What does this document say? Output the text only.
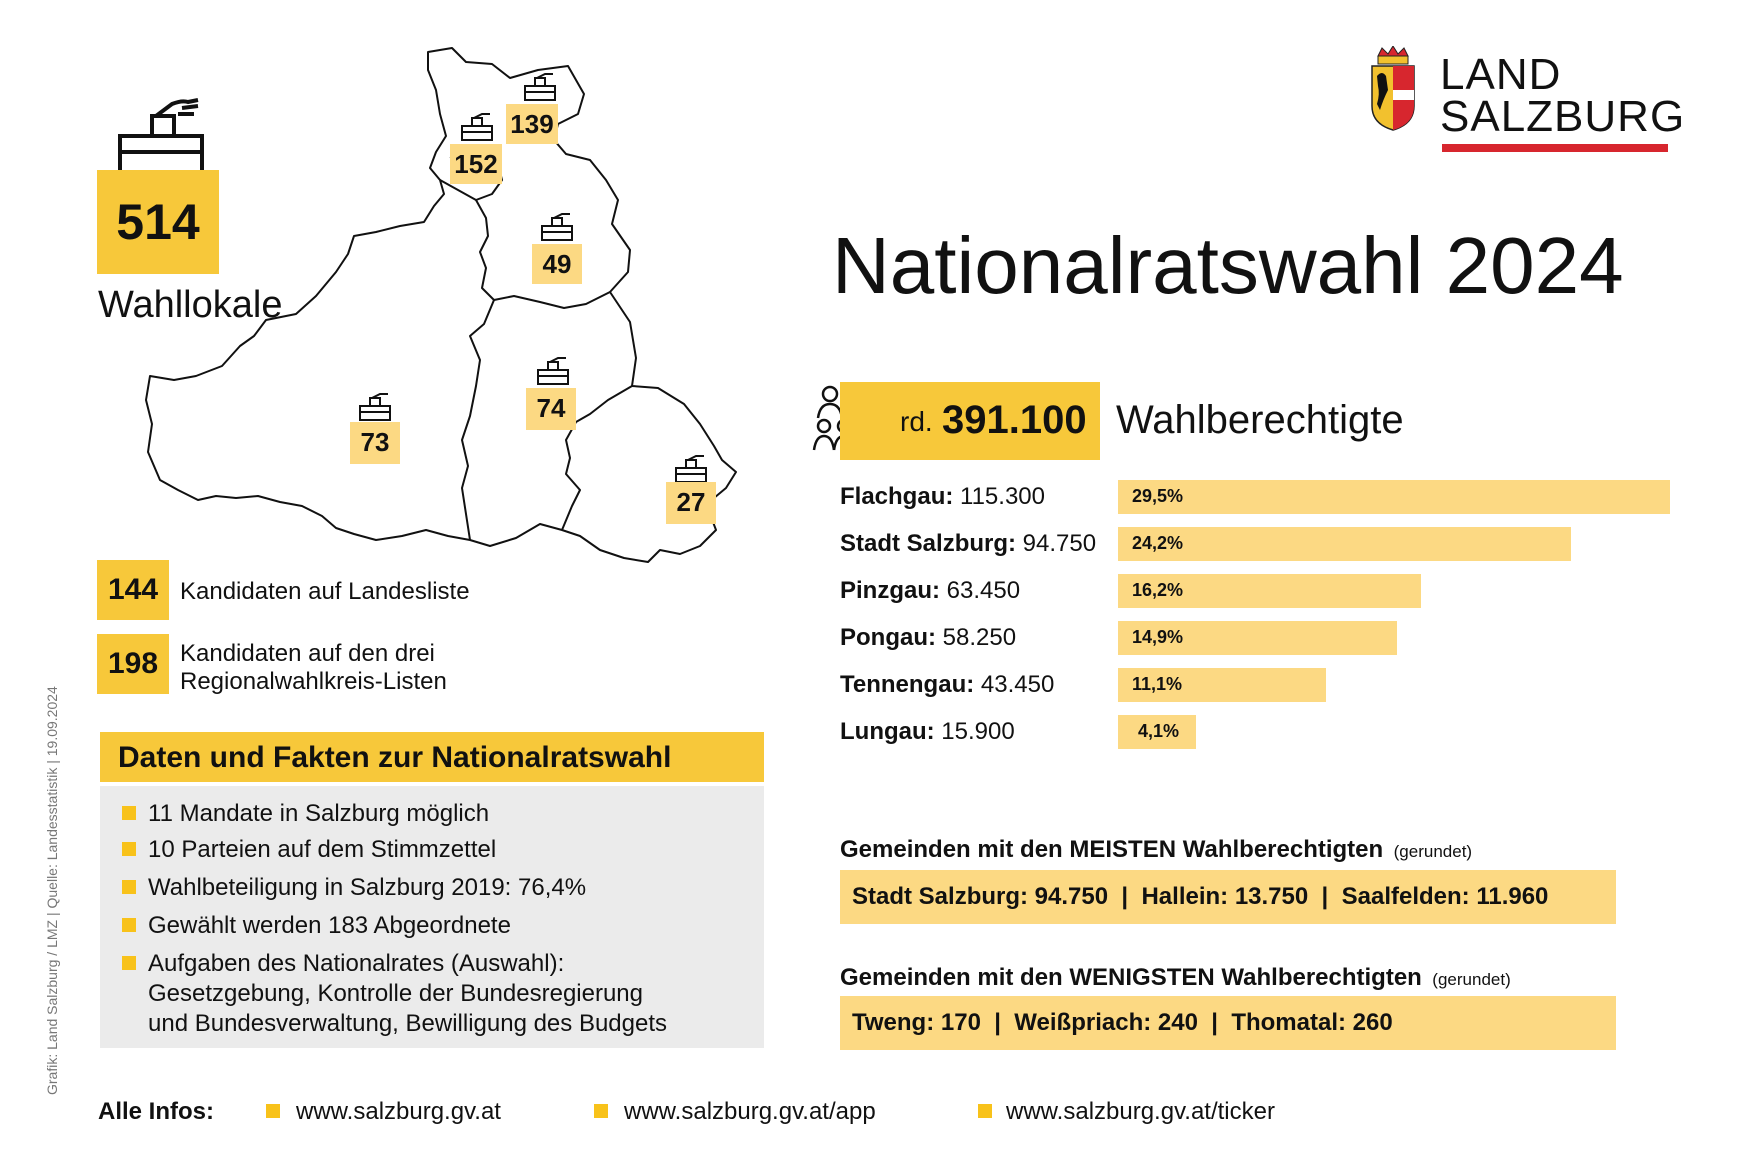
Grafik: Land Salzburg / LMZ | Quelle: Landesstatistik | 19.09.2024
LAND
SALZBURG
Nationalratswahl 2024
514
Wahllokale
139
152
49
74
73
27
144 Kandidaten auf Landesliste
198 Kandidaten auf den drei
Regionalwahlkreis-Listen
Daten und Fakten zur Nationalratswahl
11 Mandate in Salzburg möglich
10 Parteien auf dem Stimmzettel
Wahlbeteiligung in Salzburg 2019: 76,4%
Gewählt werden 183 Abgeordnete
Aufgaben des Nationalrates (Auswahl):
Gesetzgebung, Kontrolle der Bundesregierung
und Bundesverwaltung, Bewilligung des Budgets
rd. 391.100 Wahlberechtigte
Flachgau: 115.300	29,5%
Stadt Salzburg: 94.750 24,2%
Pinzgau: 63.450	16,2%
Pongau: 58.250	14,9%
Tennengau: 43.450	11,1%
Lungau: 15.900	4,1%
Gemeinden mit den MEISTEN Wahlberechtigten (gerundet)
Stadt Salzburg: 94.750  |  Hallein: 13.750  |  Saalfelden: 11.960
Gemeinden mit den WENIGSTEN Wahlberechtigten (gerundet)
Tweng: 170  |  Weißpriach: 240  |  Thomatal: 260
Alle Infos:	www.salzburg.gv.at	www.salzburg.gv.at/app	www.salzburg.gv.at/ticker
